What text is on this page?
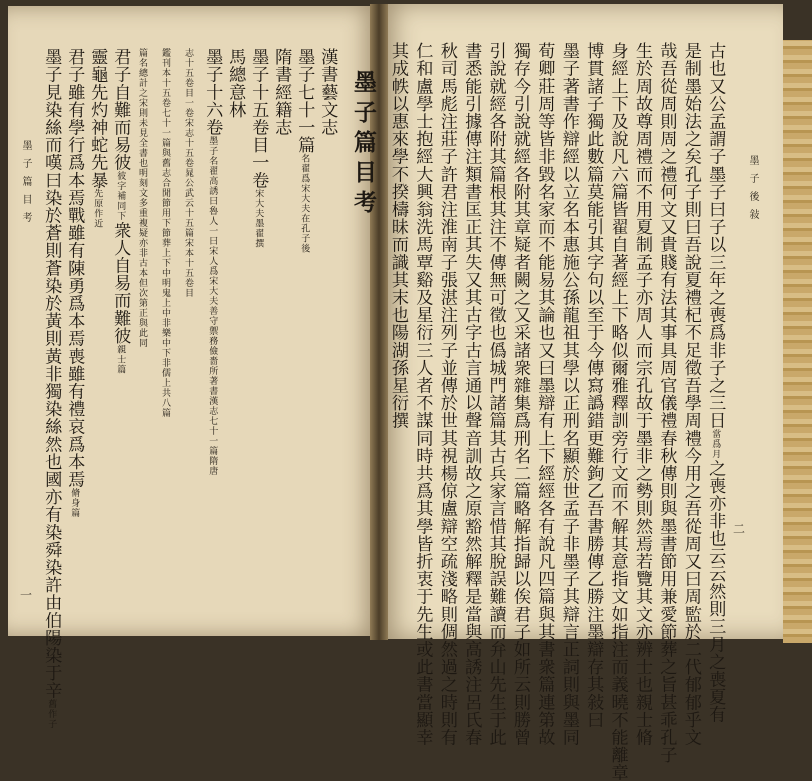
墨子後敍
二
古也又公孟謂子墨子曰子以三年之喪爲非子之三日當爲月之喪亦非也云云然則三月之喪夏有
是制墨始法之矣孔子則曰吾說夏禮杞不足徵吾學周禮今用之吾從周又曰周監於二代郁郁乎文
哉吾從周則周之禮何文又貴賤有法其事具周官儀禮春秋傳則與墨書節用兼愛節葬之旨甚乖孔子
生於周故尊周禮而不用夏制孟子亦周人而宗孔故于墨非之勢則然焉若覽其文亦辨士也親士脩
身經上下及說凡六篇皆翟自著經上下略似爾雅釋訓旁行文而不解其意指文如指注而義曉不能離章
博貫諸子獨此數篇莫能引其字句以至于今傳寫譌錯更難鉤乙吾書勝傳乙勝注墨辯存其敍曰
墨子著書作辯經以立名本惠施公孫龍祖其學以正刑名顯於世孟子非墨子其辯言正詞則與墨同
荀卿莊周等皆非毀名家而不能易其論也又曰墨辯有上下經經各有說凡四篇與其書衆篇連第故
獨存今引說就經各附其章疑者闕之又采諸衆雜集爲刑名二篇略解指歸以俟君子如所云則勝曾
引說就經各附其篇根其注不傳無可徵也僞城門諸篇其古兵家言惜其脫誤難讀而弁山先生于此
書悉能引據傳注類書匡正其失又其古字古言通以聲音訓故之原豁然解釋是當與高誘注呂氏春
秋司馬彪注莊子許君注淮南子張湛注列子並傳於世其視楊倞盧辯空疏淺略則倜然過之時則有
仁和盧學士抱經大興翁洗馬覃谿及星衍三人者不謀同時共爲其學皆折衷于先生或此書當顯幸
其成帙以惠來學不揆檮昧而識其末也陽湖孫星衍撰
墨子篇目考
墨子篇目考
一
漢書藝文志
墨子七十一篇名翟爲宋大夫在孔子後
隋書經籍志
墨子十五卷目一卷宋大夫墨翟撰
馬總意林
墨子十六卷墨子名翟高誘曰魯人一曰宋人爲宋大夫善守禦務儉嗇所著書漢志七十一篇隋唐
志十五卷目一卷宋志十五卷晁公武云十五篇宋本十五卷目
鑑刊本十五卷七十一篇與舊志合閒節用下節葬上下中明鬼上中非樂中下非儒上共八篇
篇名總計之宋則未見全書也明刻文多重複疑亦非古本但次第正與此同
君子自難而易彼彼字補同下衆人自易而難彼親士篇
靈龜先灼神蛇先暴先原作近
君子雖有學行爲本焉戰雖有陳勇爲本焉喪雖有禮哀爲本焉脩身篇
墨子見染絲而嘆曰染於蒼則蒼染於黃則黃非獨染絲然也國亦有染舜染許由伯陽染于辛舊作子
